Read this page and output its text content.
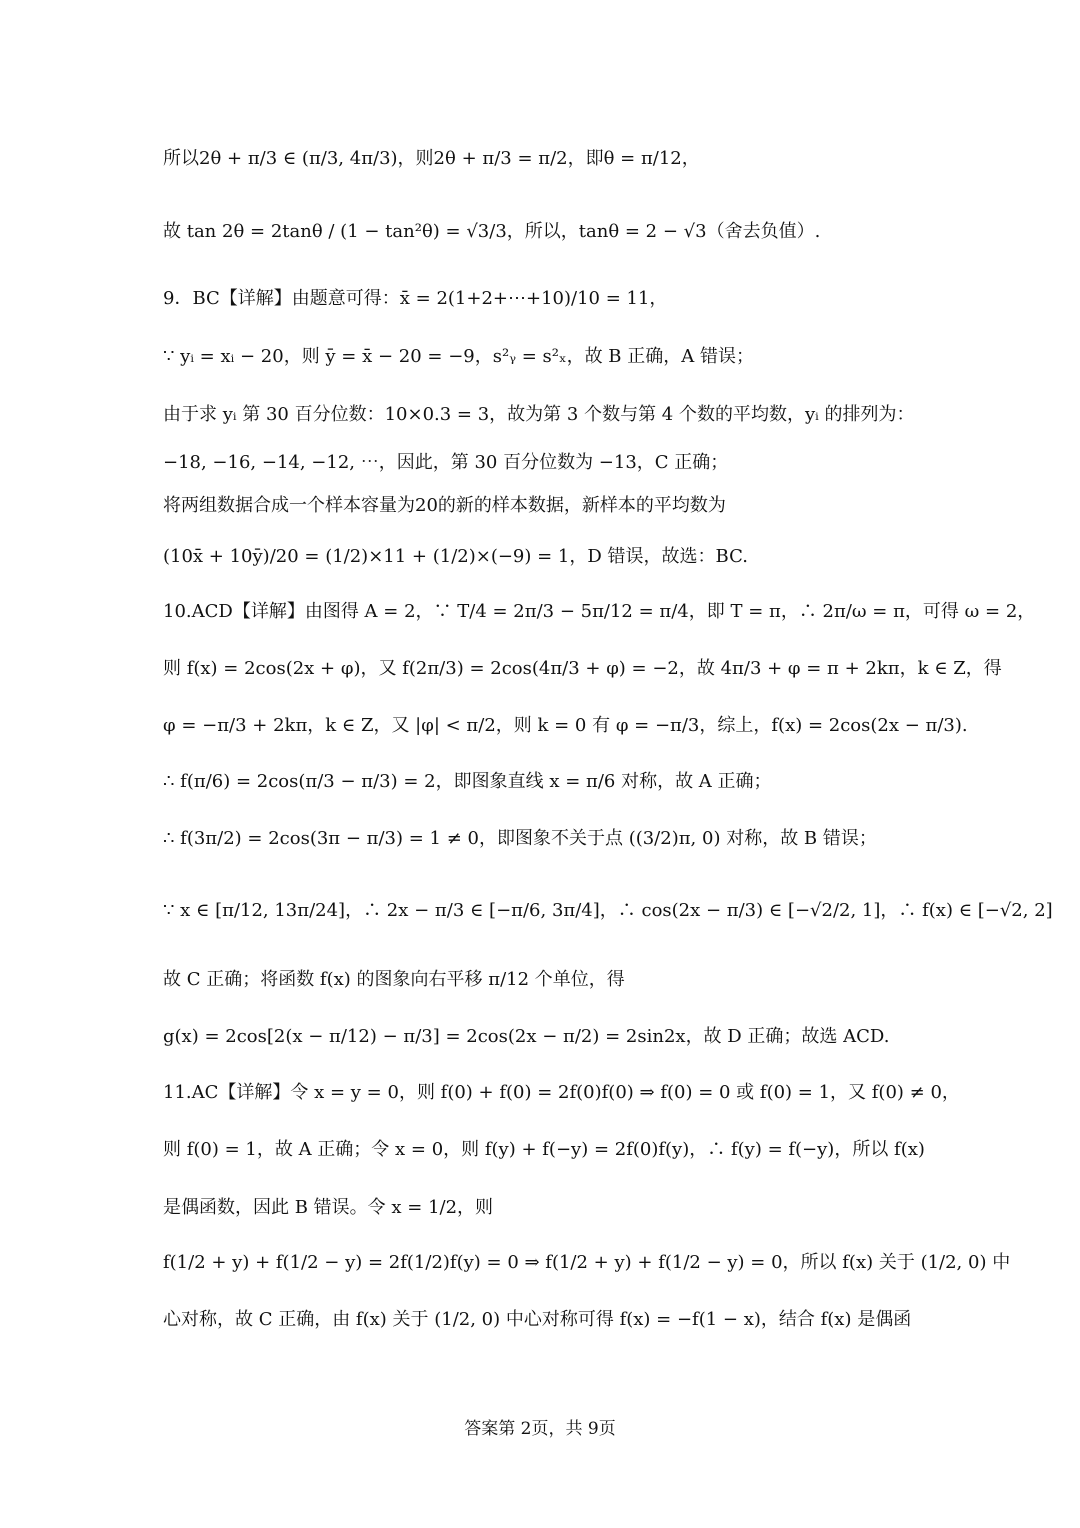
所以2θ + π/3 ∈ (π/3, 4π/3)，则2θ + π/3 = π/2，即θ = π/12，
故 tan 2θ = 2tanθ / (1 − tan²θ) = √3/3，所以，tanθ = 2 − √3（舍去负值）.
9．BC【详解】由题意可得：x̄ = 2(1+2+⋯+10)/10 = 11，
∵ yᵢ = xᵢ − 20，则 ȳ = x̄ − 20 = −9，s²ᵧ = s²ₓ，故 B 正确，A 错误；
由于求 yᵢ 第 30 百分位数：10×0.3 = 3，故为第 3 个数与第 4 个数的平均数，yᵢ 的排列为：
−18, −16, −14, −12, ⋯，因此，第 30 百分位数为 −13，C 正确；
将两组数据合成一个样本容量为20的新的样本数据，新样本的平均数为
(10x̄ + 10ȳ)/20 = (1/2)×11 + (1/2)×(−9) = 1，D 错误，故选：BC.
10.ACD【详解】由图得 A = 2，∵ T/4 = 2π/3 − 5π/12 = π/4，即 T = π，∴ 2π/ω = π，可得 ω = 2，
则 f(x) = 2cos(2x + φ)，又 f(2π/3) = 2cos(4π/3 + φ) = −2，故 4π/3 + φ = π + 2kπ，k ∈ Z，得
φ = −π/3 + 2kπ，k ∈ Z，又 |φ| < π/2，则 k = 0 有 φ = −π/3，综上，f(x) = 2cos(2x − π/3).
∴ f(π/6) = 2cos(π/3 − π/3) = 2，即图象直线 x = π/6 对称，故 A 正确；
∴ f(3π/2) = 2cos(3π − π/3) = 1 ≠ 0，即图象不关于点 ((3/2)π, 0) 对称，故 B 错误；
∵ x ∈ [π/12, 13π/24]，∴ 2x − π/3 ∈ [−π/6, 3π/4]，∴ cos(2x − π/3) ∈ [−√2/2, 1]，∴ f(x) ∈ [−√2, 2]
故 C 正确；将函数 f(x) 的图象向右平移 π/12 个单位，得
g(x) = 2cos[2(x − π/12) − π/3] = 2cos(2x − π/2) = 2sin2x，故 D 正确；故选 ACD.
11.AC【详解】令 x = y = 0，则 f(0) + f(0) = 2f(0)f(0) ⇒ f(0) = 0 或 f(0) = 1，又 f(0) ≠ 0，
则 f(0) = 1，故 A 正确；令 x = 0，则 f(y) + f(−y) = 2f(0)f(y)，∴ f(y) = f(−y)，所以 f(x)
是偶函数，因此 B 错误。令 x = 1/2，则
f(1/2 + y) + f(1/2 − y) = 2f(1/2)f(y) = 0 ⇒ f(1/2 + y) + f(1/2 − y) = 0，所以 f(x) 关于 (1/2, 0) 中
心对称，故 C 正确，由 f(x) 关于 (1/2, 0) 中心对称可得 f(x) = −f(1 − x)，结合 f(x) 是偶函
答案第 2页，共 9页
